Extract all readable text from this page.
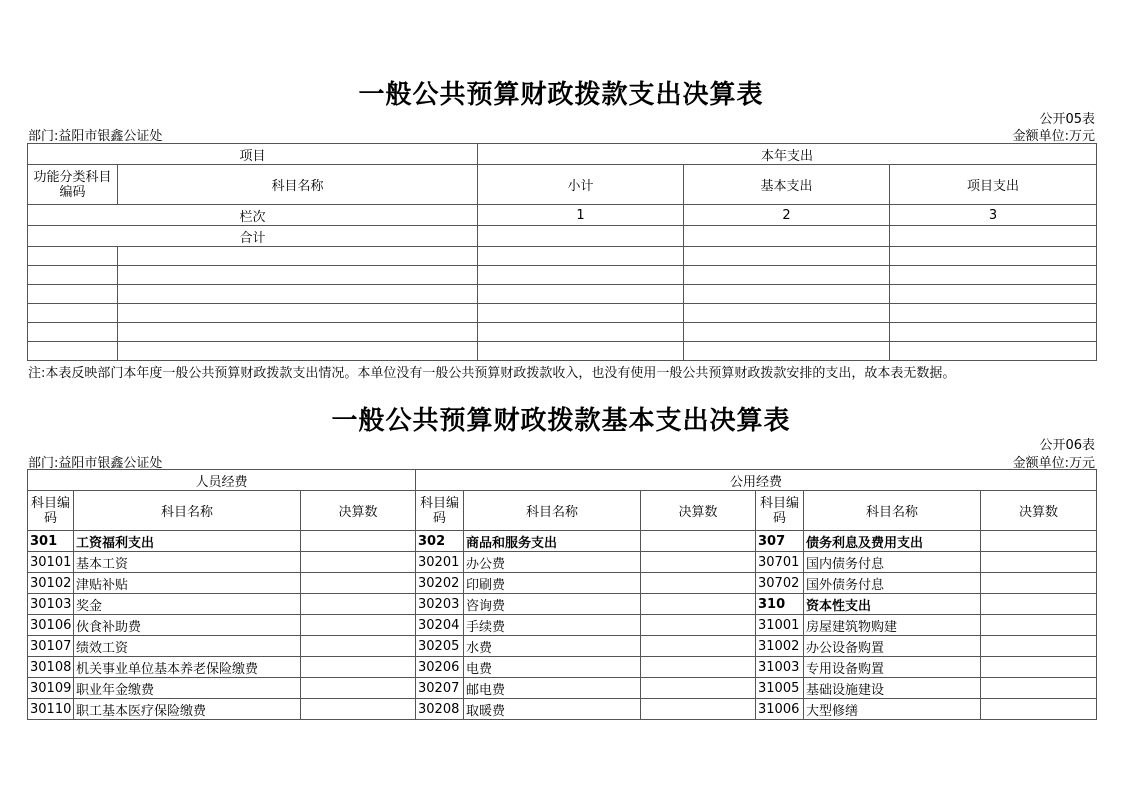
一般公共预算财政拨款支出决算表
公开05表
部门:益阳市银鑫公证处	金额单位:万元
项目		本年支出		
功能分类科目编码	科目名称	小计	基本支出	项目支出
栏次		1	2	3
合计				

注:本表反映部门本年度一般公共预算财政拨款支出情况。本单位没有一般公共预算财政拨款收入，也没有使用一般公共预算财政拨款安排的支出，故本表无数据。
一般公共预算财政拨款基本支出决算表
公开06表
部门:益阳市银鑫公证处	金额单位:万元
人员经费			公用经费					
科目编码	科目名称	决算数	科目编码	科目名称	决算数	科目编码	科目名称	决算数
301	工资福利支出		302	商品和服务支出		307	债务利息及费用支出	
30101	基本工资		30201	办公费		30701	国内债务付息	
30102	津贴补贴		30202	印刷费		30702	国外债务付息	
30103	奖金		30203	咨询费		310	资本性支出	
30106	伙食补助费		30204	手续费		31001	房屋建筑物购建	
30107	绩效工资		30205	水费		31002	办公设备购置	
30108	机关事业单位基本养老保险缴费		30206	电费		31003	专用设备购置	
30109	职业年金缴费		30207	邮电费		31005	基础设施建设	
30110	职工基本医疗保险缴费		30208	取暖费		31006	大型修缮	
